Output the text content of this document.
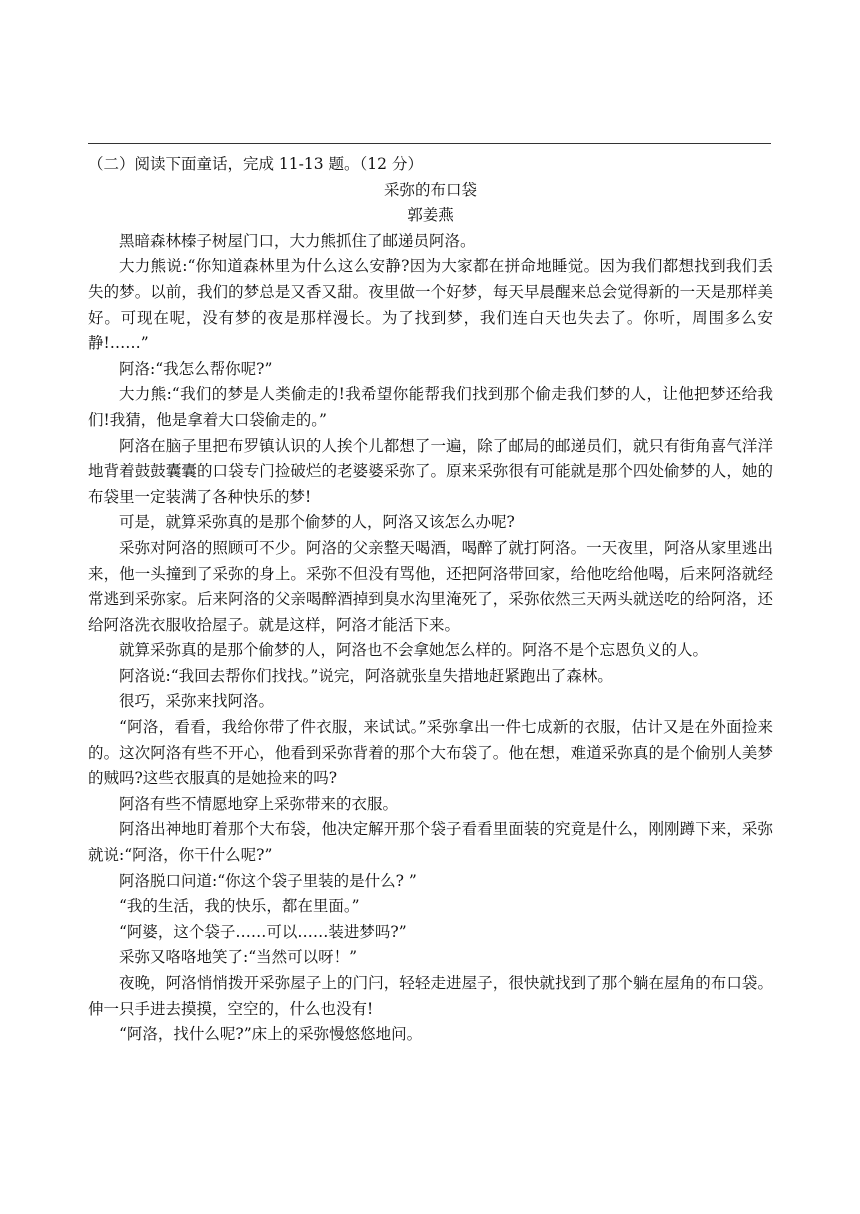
（二）阅读下面童话，完成 11-13 题。（12 分）

采弥的布口袋

郭姜燕

黑暗森林榛子树屋门口，大力熊抓住了邮递员阿洛。

大力熊说:“你知道森林里为什么这么安静?因为大家都在拼命地睡觉。因为我们都想找到我们丢失的梦。以前，我们的梦总是又香又甜。夜里做一个好梦，每天早晨醒来总会觉得新的一天是那样美好。可现在呢，没有梦的夜是那样漫长。为了找到梦，我们连白天也失去了。你听，周围多么安静!……”

阿洛:“我怎么帮你呢?”

大力熊:“我们的梦是人类偷走的!我希望你能帮我们找到那个偷走我们梦的人，让他把梦还给我们!我猜，他是拿着大口袋偷走的。”

阿洛在脑子里把布罗镇认识的人挨个儿都想了一遍，除了邮局的邮递员们，就只有街角喜气洋洋地背着鼓鼓囊囊的口袋专门捡破烂的老婆婆采弥了。原来采弥很有可能就是那个四处偷梦的人，她的布袋里一定装满了各种快乐的梦!

可是，就算采弥真的是那个偷梦的人，阿洛又该怎么办呢?

采弥对阿洛的照顾可不少。阿洛的父亲整天喝酒，喝醉了就打阿洛。一天夜里，阿洛从家里逃出来，他一头撞到了采弥的身上。采弥不但没有骂他，还把阿洛带回家，给他吃给他喝，后来阿洛就经常逃到采弥家。后来阿洛的父亲喝醉酒掉到臭水沟里淹死了，采弥依然三天两头就送吃的给阿洛，还给阿洛洗衣服收拾屋子。就是这样，阿洛才能活下来。

就算采弥真的是那个偷梦的人，阿洛也不会拿她怎么样的。阿洛不是个忘恩负义的人。

阿洛说:“我回去帮你们找找。”说完，阿洛就张皇失措地赶紧跑出了森林。

很巧，采弥来找阿洛。

“阿洛，看看，我给你带了件衣服，来试试。”采弥拿出一件七成新的衣服，估计又是在外面捡来的。这次阿洛有些不开心，他看到采弥背着的那个大布袋了。他在想，难道采弥真的是个偷别人美梦的贼吗?这些衣服真的是她捡来的吗?

阿洛有些不情愿地穿上采弥带来的衣服。

阿洛出神地盯着那个大布袋，他决定解开那个袋子看看里面装的究竟是什么，刚刚蹲下来，采弥就说:“阿洛，你干什么呢?”

阿洛脱口问道:“你这个袋子里装的是什么? ”

“我的生活，我的快乐，都在里面。”

“阿婆，这个袋子……可以……装进梦吗?”

采弥又咯咯地笑了:“当然可以呀！”

夜晚，阿洛悄悄拨开采弥屋子上的门闩，轻轻走进屋子，很快就找到了那个躺在屋角的布口袋。伸一只手进去摸摸，空空的，什么也没有!

“阿洛，找什么呢?”床上的采弥慢悠悠地问。
